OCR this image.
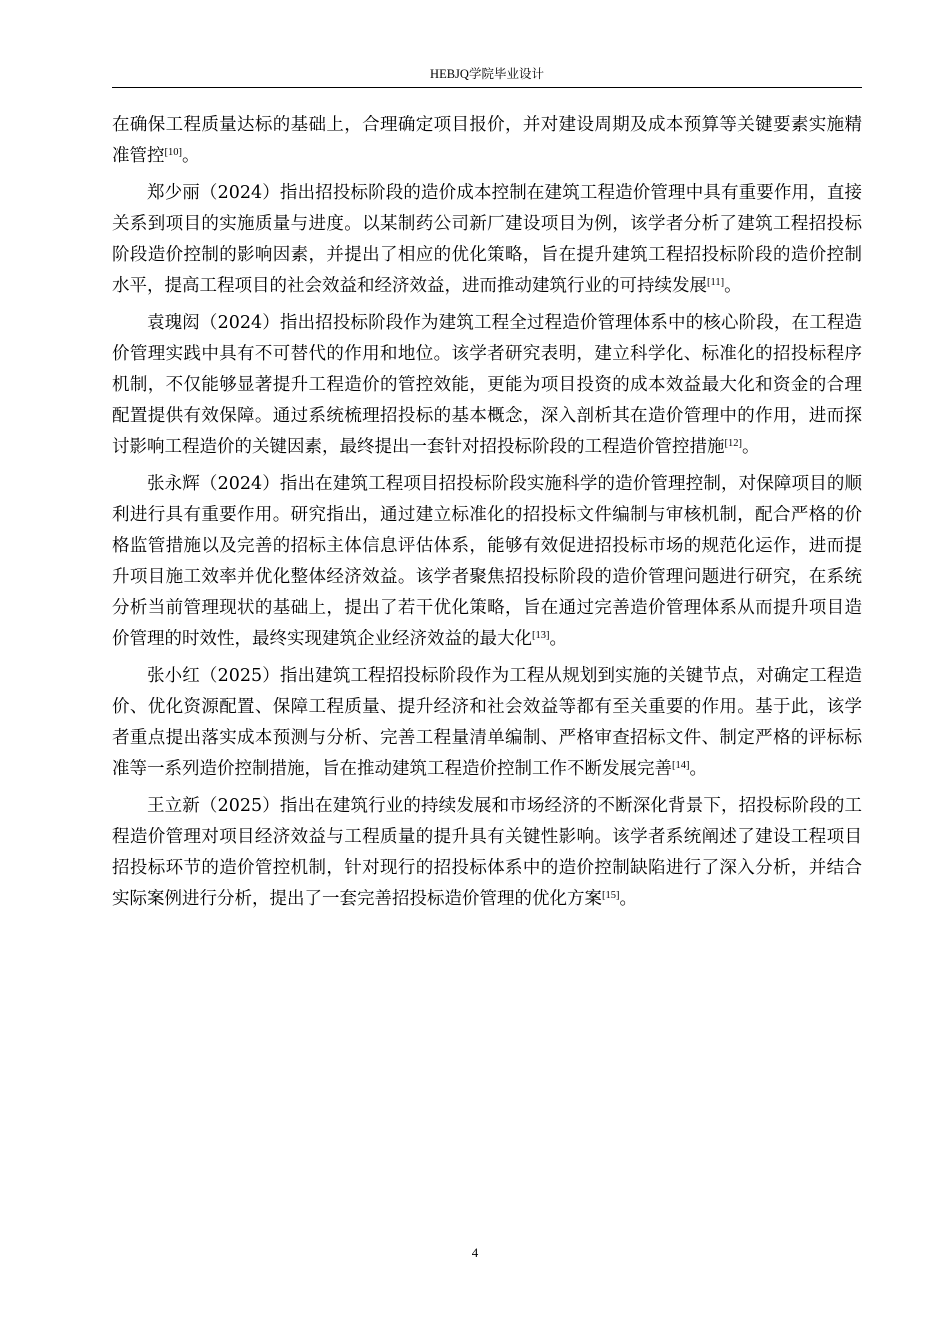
HEBJQ学院毕业设计

在确保工程质量达标的基础上，合理确定项目报价，并对建设周期及成本预算等关键要素实施精准管控[10]。

郑少丽（2024）指出招投标阶段的造价成本控制在建筑工程造价管理中具有重要作用，直接关系到项目的实施质量与进度。以某制药公司新厂建设项目为例，该学者分析了建筑工程招投标阶段造价控制的影响因素，并提出了相应的优化策略，旨在提升建筑工程招投标阶段的造价控制水平，提高工程项目的社会效益和经济效益，进而推动建筑行业的可持续发展[11]。

袁瑰闳（2024）指出招投标阶段作为建筑工程全过程造价管理体系中的核心阶段，在工程造价管理实践中具有不可替代的作用和地位。该学者研究表明，建立科学化、标准化的招投标程序机制，不仅能够显著提升工程造价的管控效能，更能为项目投资的成本效益最大化和资金的合理配置提供有效保障。通过系统梳理招投标的基本概念，深入剖析其在造价管理中的作用，进而探讨影响工程造价的关键因素，最终提出一套针对招投标阶段的工程造价管控措施[12]。

张永辉（2024）指出在建筑工程项目招投标阶段实施科学的造价管理控制，对保障项目的顺利进行具有重要作用。研究指出，通过建立标准化的招投标文件编制与审核机制，配合严格的价格监管措施以及完善的招标主体信息评估体系，能够有效促进招投标市场的规范化运作，进而提升项目施工效率并优化整体经济效益。该学者聚焦招投标阶段的造价管理问题进行研究，在系统分析当前管理现状的基础上，提出了若干优化策略，旨在通过完善造价管理体系从而提升项目造价管理的时效性，最终实现建筑企业经济效益的最大化[13]。

张小红（2025）指出建筑工程招投标阶段作为工程从规划到实施的关键节点，对确定工程造价、优化资源配置、保障工程质量、提升经济和社会效益等都有至关重要的作用。基于此，该学者重点提出落实成本预测与分析、完善工程量清单编制、严格审查招标文件、制定严格的评标标准等一系列造价控制措施，旨在推动建筑工程造价控制工作不断发展完善[14]。

王立新（2025）指出在建筑行业的持续发展和市场经济的不断深化背景下，招投标阶段的工程造价管理对项目经济效益与工程质量的提升具有关键性影响。该学者系统阐述了建设工程项目招投标环节的造价管控机制，针对现行的招投标体系中的造价控制缺陷进行了深入分析，并结合实际案例进行分析，提出了一套完善招投标造价管理的优化方案[15]。

4
